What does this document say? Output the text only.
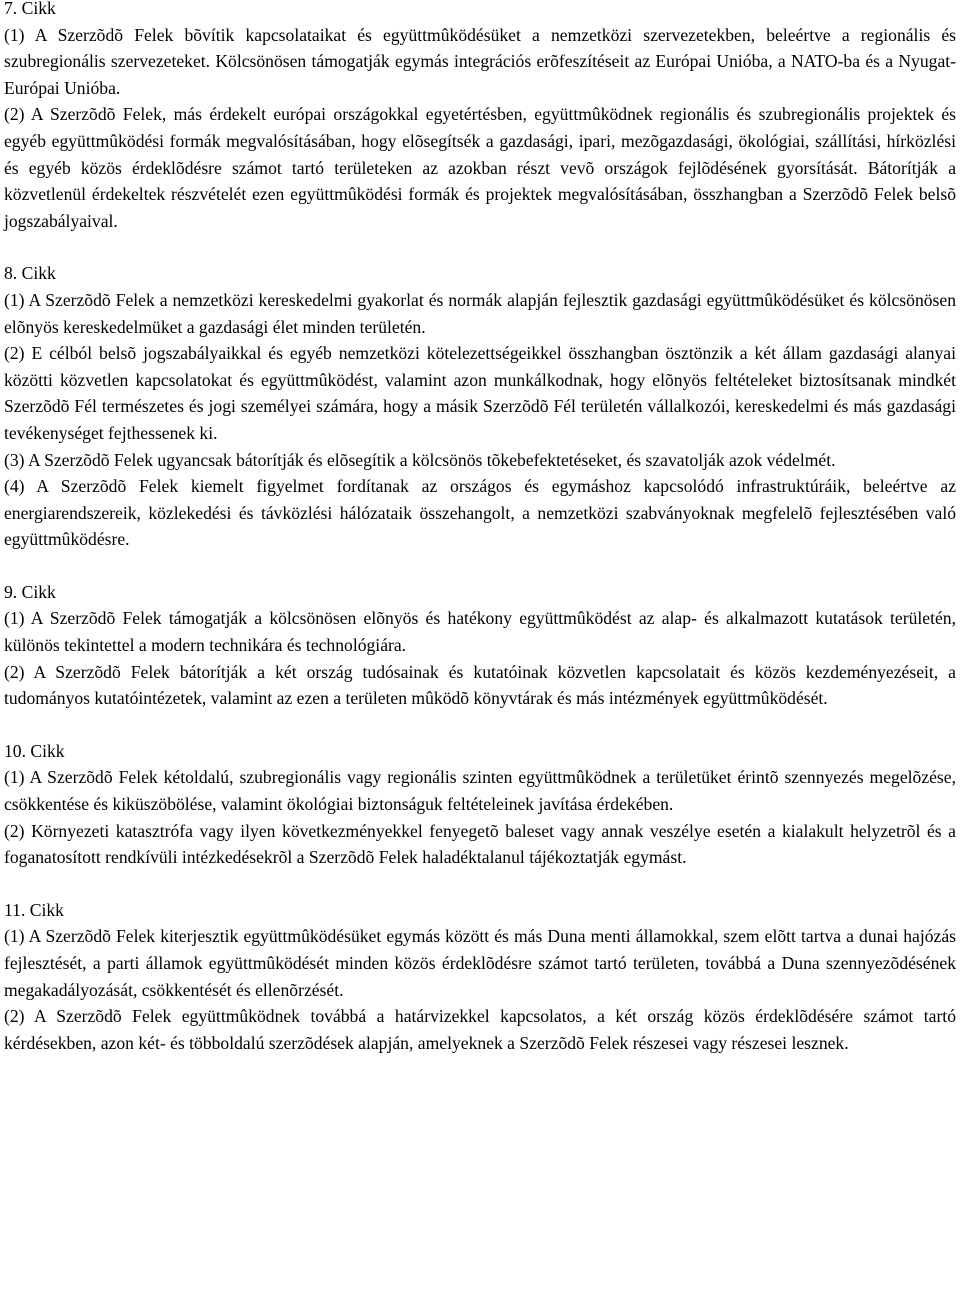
7. Cikk

(1) A Szerzõdõ Felek bõvítik kapcsolataikat és együttmûködésüket a nemzetközi szervezetekben, beleértve a regionális és szubregionális szervezeteket. Kölcsönösen támogatják egymás integrációs erõfeszítéseit az Európai Unióba, a NATO-ba és a Nyugat-Európai Unióba.

(2) A Szerzõdõ Felek, más érdekelt európai országokkal egyetértésben, együttmûködnek regionális és szubregionális projektek és egyéb együttmûködési formák megvalósításában, hogy elõsegítsék a gazdasági, ipari, mezõgazdasági, ökológiai, szállítási, hírközlési és egyéb közös érdeklõdésre számot tartó területeken az azokban részt vevõ országok fejlõdésének gyorsítását. Bátorítják a közvetlenül érdekeltek részvételét ezen együttmûködési formák és projektek megvalósításában, összhangban a Szerzõdõ Felek belsõ jogszabályaival.

8. Cikk

(1) A Szerzõdõ Felek a nemzetközi kereskedelmi gyakorlat és normák alapján fejlesztik gazdasági együttmûködésüket és kölcsönösen elõnyös kereskedelmüket a gazdasági élet minden területén.

(2) E célból belsõ jogszabályaikkal és egyéb nemzetközi kötelezettségeikkel összhangban ösztönzik a két állam gazdasági alanyai közötti közvetlen kapcsolatokat és együttmûködést, valamint azon munkálkodnak, hogy elõnyös feltételeket biztosítsanak mindkét Szerzõdõ Fél természetes és jogi személyei számára, hogy a másik Szerzõdõ Fél területén vállalkozói, kereskedelmi és más gazdasági tevékenységet fejthessenek ki.

(3) A Szerzõdõ Felek ugyancsak bátorítják és elõsegítik a kölcsönös tõkebefektetéseket, és szavatolják azok védelmét.

(4) A Szerzõdõ Felek kiemelt figyelmet fordítanak az országos és egymáshoz kapcsolódó infrastruktúráik, beleértve az energiarendszereik, közlekedési és távközlési hálózataik összehangolt, a nemzetközi szabványoknak megfelelõ fejlesztésében való együttmûködésre.

9. Cikk

(1) A Szerzõdõ Felek támogatják a kölcsönösen elõnyös és hatékony együttmûködést az alap- és alkalmazott kutatások területén, különös tekintettel a modern technikára és technológiára.

(2) A Szerzõdõ Felek bátorítják a két ország tudósainak és kutatóinak közvetlen kapcsolatait és közös kezdeményezéseit, a tudományos kutatóintézetek, valamint az ezen a területen mûködõ könyvtárak és más intézmények együttmûködését.

10. Cikk

(1) A Szerzõdõ Felek kétoldalú, szubregionális vagy regionális szinten együttmûködnek a területüket érintõ szennyezés megelõzése, csökkentése és kiküszöbölése, valamint ökológiai biztonságuk feltételeinek javítása érdekében.

(2) Környezeti katasztrófa vagy ilyen következményekkel fenyegetõ baleset vagy annak veszélye esetén a kialakult helyzetrõl és a foganatosított rendkívüli intézkedésekrõl a Szerzõdõ Felek haladéktalanul tájékoztatják egymást.

11. Cikk

(1) A Szerzõdõ Felek kiterjesztik együttmûködésüket egymás között és más Duna menti államokkal, szem elõtt tartva a dunai hajózás fejlesztését, a parti államok együttmûködését minden közös érdeklõdésre számot tartó területen, továbbá a Duna szennyezõdésének megakadályozását, csökkentését és ellenõrzését.

(2) A Szerzõdõ Felek együttmûködnek továbbá a határvizekkel kapcsolatos, a két ország közös érdeklõdésére számot tartó kérdésekben, azon két- és többoldalú szerzõdések alapján, amelyeknek a Szerzõdõ Felek részesei vagy részesei lesznek.
